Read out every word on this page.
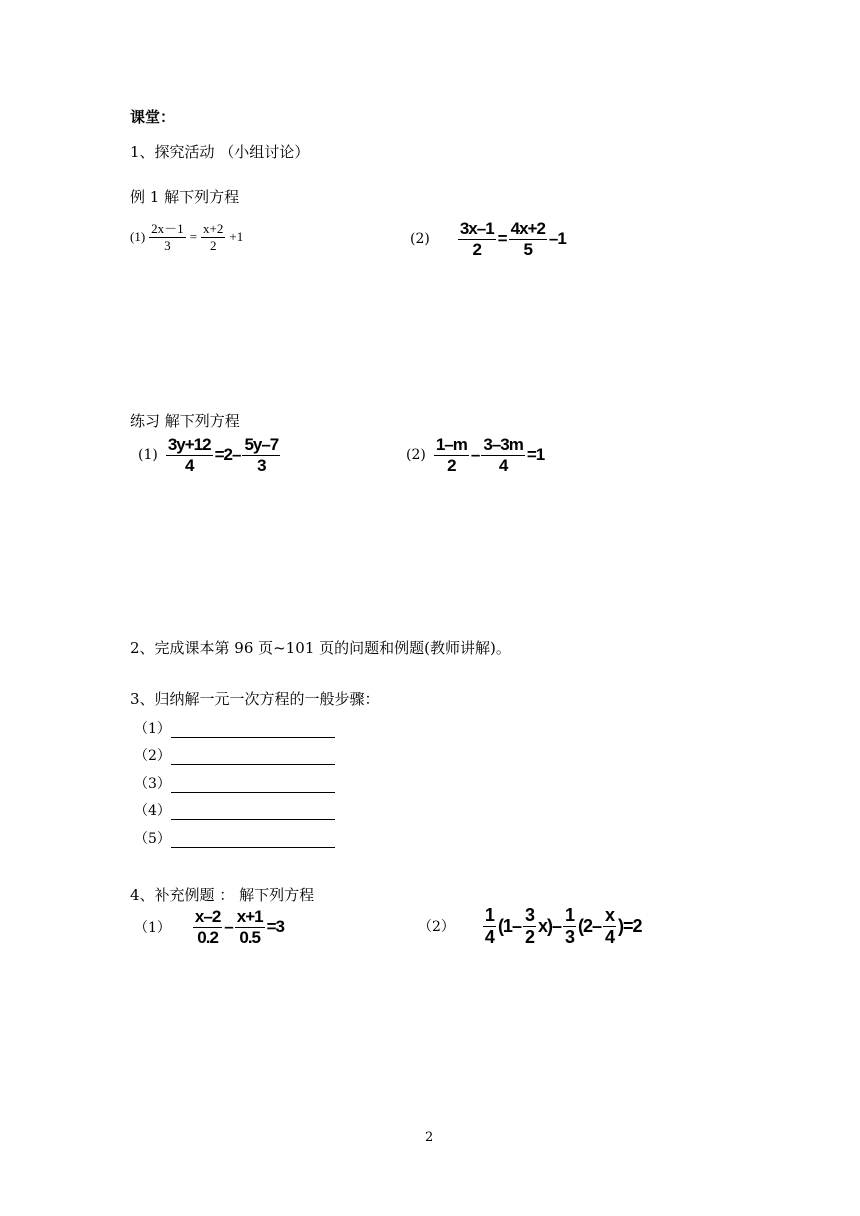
课堂：
1、探究活动 （小组讨论）
例 1 解下列方程
$(1) \frac{2x-1}{3} = \frac{x+2}{2} +1$	$(2) \frac{3x-1}{2} = \frac{4x+2}{5} -1$
练习 解下列方程
$(1) \frac{3y+12}{4} =2- \frac{5y-7}{3}$	$(2) \frac{1-m}{2} - \frac{3-3m}{4} =1$
2、完成课本第 96 页~101 页的问题和例题(教师讲解)。
3、归纳解一元一次方程的一般步骤：
（1）
（2）
（3）
（4）
（5）
4、补充例题 ： 解下列方程
$(1) \frac{x-2}{0.2} - \frac{x+1}{0.5} =3$	$(2) \frac{1}{4} (1- \frac{3}{2} x)- \frac{1}{3} (2- \frac{x}{4} )=2$
2
